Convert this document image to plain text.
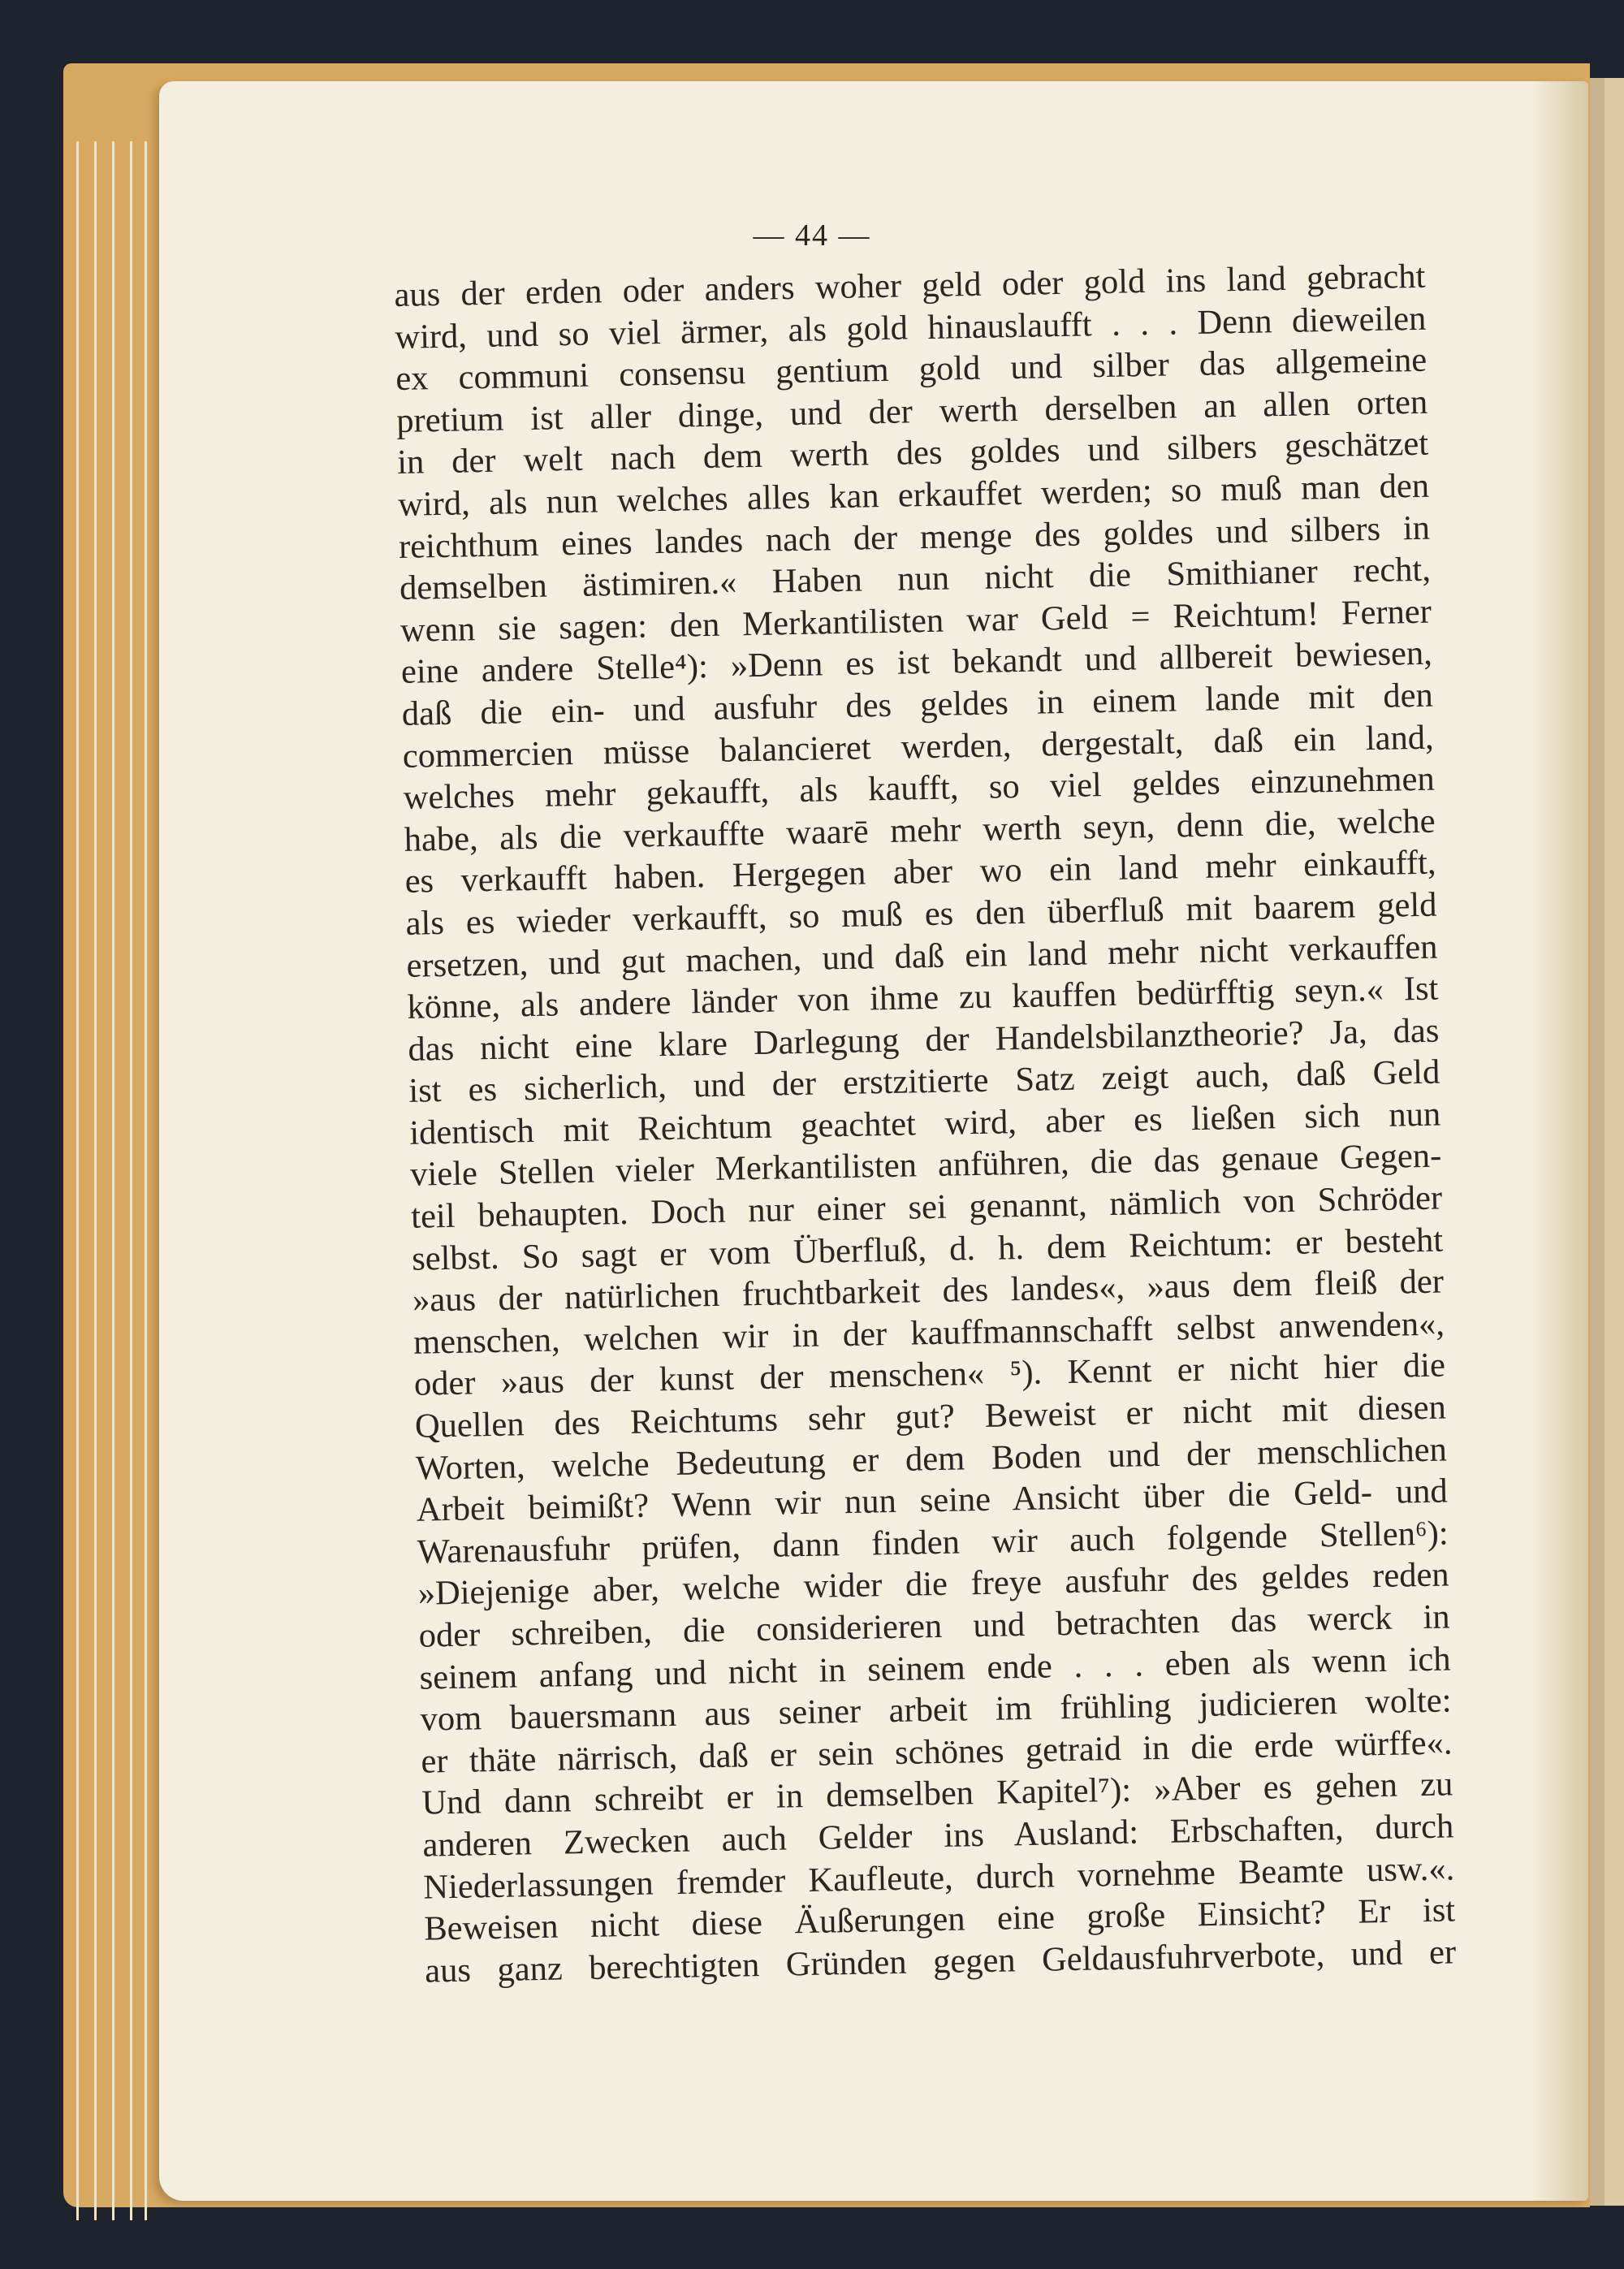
— 44 —
aus der erden oder anders woher geld oder gold ins land gebracht
wird, und so viel ärmer, als gold hinauslaufft . . . Denn dieweilen
ex communi consensu gentium gold und silber das allgemeine
pretium ist aller dinge, und der werth derselben an allen orten
in der welt nach dem werth des goldes und silbers geschätzet
wird, als nun welches alles kan erkauffet werden; so muß man den
reichthum eines landes nach der menge des goldes und silbers in
demselben ästimiren.« Haben nun nicht die Smithianer recht,
wenn sie sagen: den Merkantilisten war Geld = Reichtum! Ferner
eine andere Stelle⁴): »Denn es ist bekandt und allbereit bewiesen,
daß die ein- und ausfuhr des geldes in einem lande mit den
commercien müsse balancieret werden, dergestalt, daß ein land,
welches mehr gekaufft, als kaufft, so viel geldes einzunehmen
habe, als die verkauffte waarē mehr werth seyn, denn die, welche
es verkaufft haben. Hergegen aber wo ein land mehr einkaufft,
als es wieder verkaufft, so muß es den überfluß mit baarem geld
ersetzen, und gut machen, und daß ein land mehr nicht verkauffen
könne, als andere länder von ihme zu kauffen bedürfftig seyn.« Ist
das nicht eine klare Darlegung der Handelsbilanztheorie? Ja, das
ist es sicherlich, und der erstzitierte Satz zeigt auch, daß Geld
identisch mit Reichtum geachtet wird, aber es ließen sich nun
viele Stellen vieler Merkantilisten anführen, die das genaue Gegen-
teil behaupten. Doch nur einer sei genannt, nämlich von Schröder
selbst. So sagt er vom Überfluß, d. h. dem Reichtum: er besteht
»aus der natürlichen fruchtbarkeit des landes«, »aus dem fleiß der
menschen, welchen wir in der kauffmannschafft selbst anwenden«,
oder »aus der kunst der menschen« ⁵). Kennt er nicht hier die
Quellen des Reichtums sehr gut? Beweist er nicht mit diesen
Worten, welche Bedeutung er dem Boden und der menschlichen
Arbeit beimißt? Wenn wir nun seine Ansicht über die Geld- und
Warenausfuhr prüfen, dann finden wir auch folgende Stellen⁶):
»Diejenige aber, welche wider die freye ausfuhr des geldes reden
oder schreiben, die considerieren und betrachten das werck in
seinem anfang und nicht in seinem ende . . . eben als wenn ich
vom bauersmann aus seiner arbeit im frühling judicieren wolte:
er thäte närrisch, daß er sein schönes getraid in die erde würffe«.
Und dann schreibt er in demselben Kapitel⁷): »Aber es gehen zu
anderen Zwecken auch Gelder ins Ausland: Erbschaften, durch
Niederlassungen fremder Kaufleute, durch vornehme Beamte usw.«.
Beweisen nicht diese Äußerungen eine große Einsicht? Er ist
aus ganz berechtigten Gründen gegen Geldausfuhrverbote, und er
